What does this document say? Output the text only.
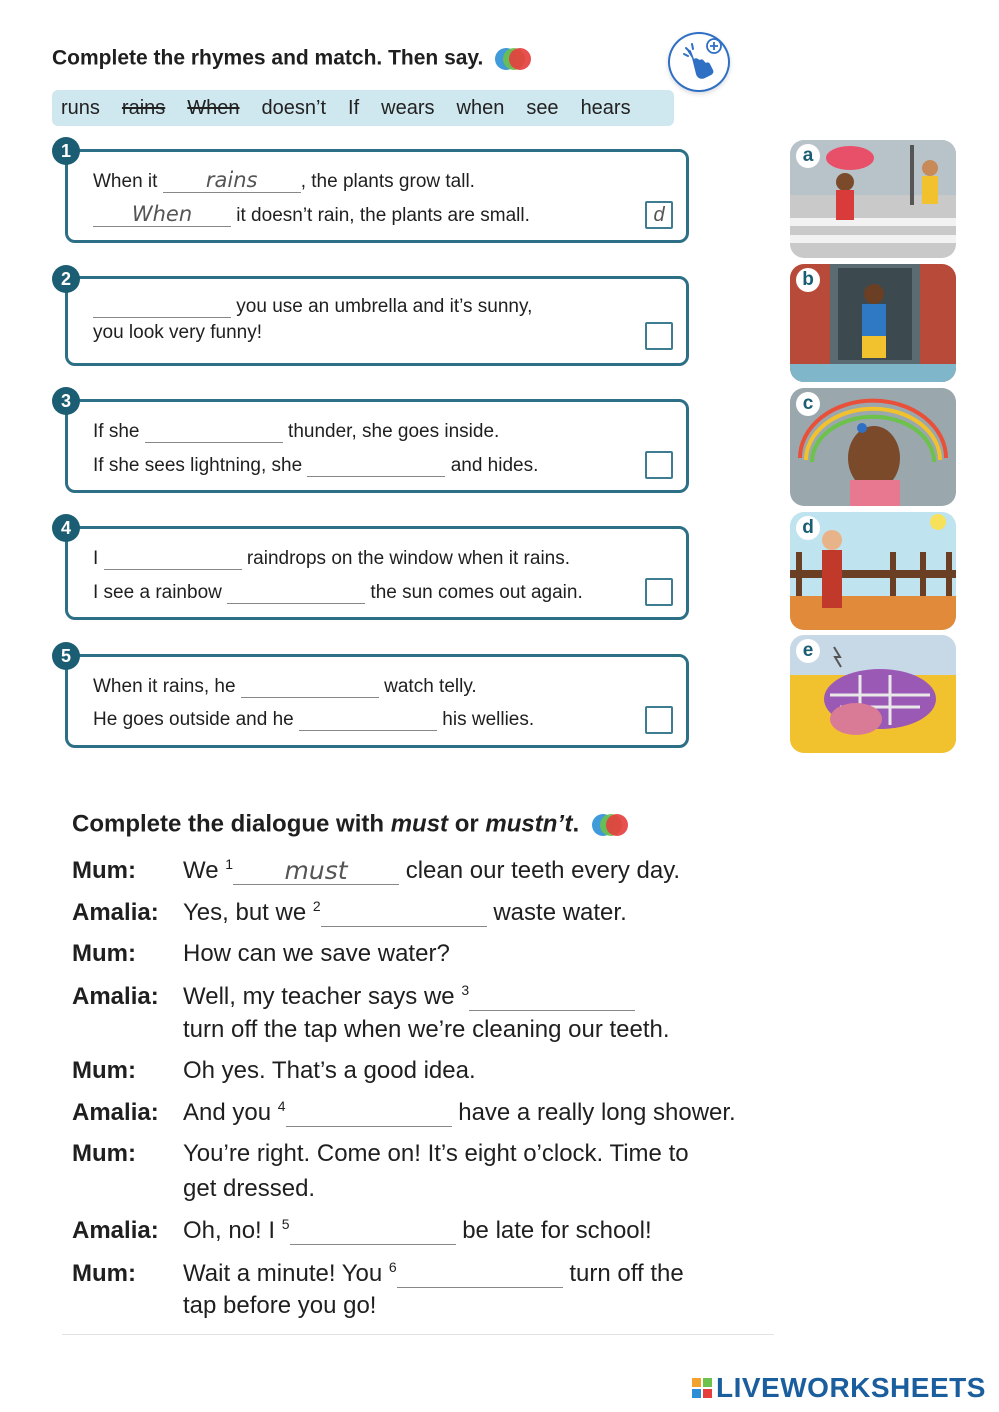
Complete the rhymes and match. Then say.
runs rains When doesn’t If wears when see hears
When it rains , the plants grow tall.
When it doesn’t rain, the plants are small.	d
1
you use an umbrella and it’s sunny,
you look very funny!
2
If she	thunder, she goes inside.
If she sees lightning, she	and hides.
3
I	raindrops on the window when it rains.
I see a rainbow	the sun comes out again.
4
When it rains, he	watch telly.
He goes outside and he	his wellies.
5
a
b
c
d
e
Complete the dialogue with must or mustn’t.
Mum: We $^1$ must clean our teeth every day.
Amalia: Yes, but we $^2$	waste water.
Mum: How can we save water?
Amalia: Well, my teacher says we $^3$
turn off the tap when we’re cleaning our teeth.
Mum: Oh yes. That’s a good idea.
Amalia: And you $^4$	have a really long shower.
Mum: You’re right. Come on! It’s eight o’clock. Time to
get dressed.
Amalia: Oh, no! I $^5$	be late for school!
Mum: Wait a minute! You $^6$	turn off the
tap before you go!
LIVEWORKSHEETS
